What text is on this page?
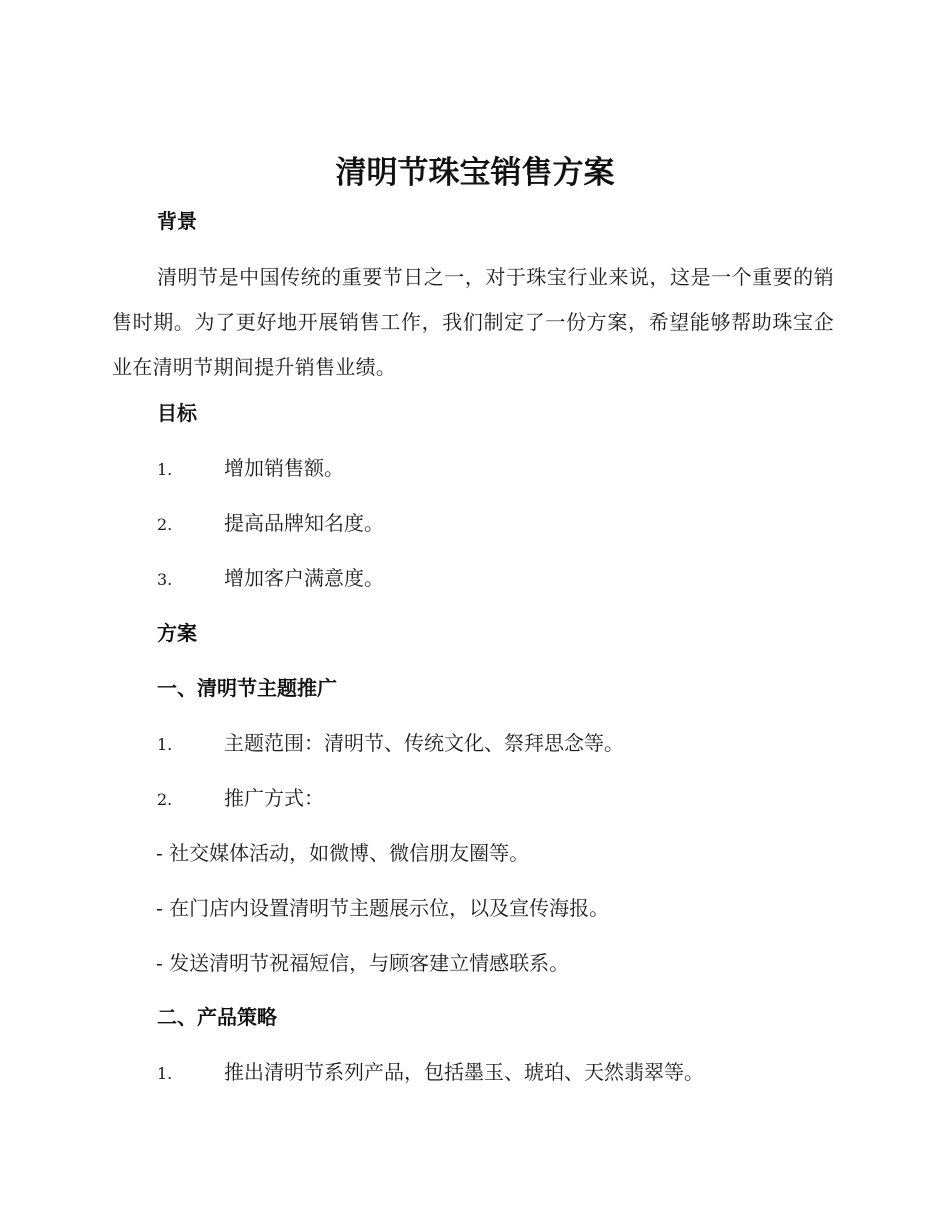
清明节珠宝销售方案
背景
清明节是中国传统的重要节日之一，对于珠宝行业来说，这是一个重要的销售时期。为了更好地开展销售工作，我们制定了一份方案，希望能够帮助珠宝企业在清明节期间提升销售业绩。
目标
1.	增加销售额。
2.	提高品牌知名度。
3.	增加客户满意度。
方案
一、清明节主题推广
1.	主题范围：清明节、传统文化、祭拜思念等。
2.	推广方式：
- 社交媒体活动，如微博、微信朋友圈等。
- 在门店内设置清明节主题展示位，以及宣传海报。
- 发送清明节祝福短信，与顾客建立情感联系。
二、产品策略
1.	推出清明节系列产品，包括墨玉、琥珀、天然翡翠等。
